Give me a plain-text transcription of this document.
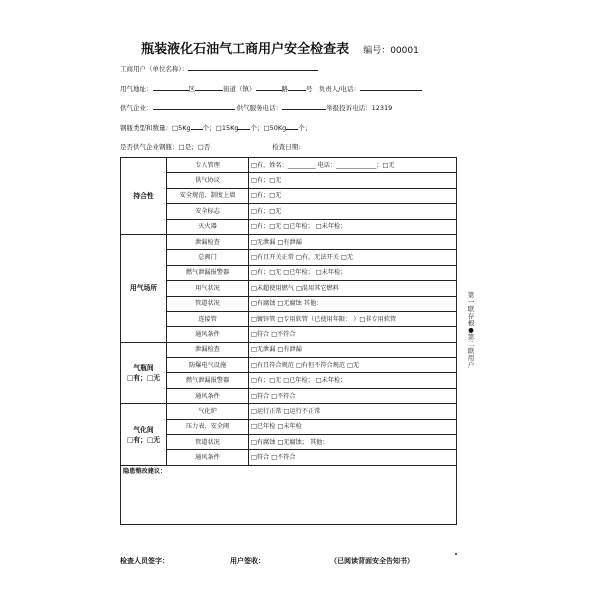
瓶装液化石油气工商用户安全检查表 编号：00001
工商用户（单位名称）：
用气地址：	区	街道（镇）	路	号 负责人/电话：
供气企业：	供气服务电话：	举报投诉电话：12319
钢瓶类型和数量：□5Kg 个；□15Kg 个；□50Kg 个；
是否供气企业钢瓶：□是；□否	检查日期：
持合性	专人管理	□有，姓名：_________ 电话：_____________；□无
	供气协议	□有；□无
	安全规范、制度上墙	□有；□无
	安全标志	□有；□无
	灭火器	□有；□无 □已年检； □未年检；
用气场所	泄漏检查	□无泄漏 □有泄漏
	总阀门	□有且开关正常 □有，无法开关 □无
	燃气泄漏报警器	□有；□无 □已年检； □未年检；
	用气状况	□未超使用燃气 □混用其它燃料
	管道状况	□有腐蚀 □无腐蚀 其他：
	连接管	□镀锌管 □专用软管（已使用年限： ）□非专用软管
	通风条件	□符合 □不符合
气瓶间
□有；□无	泄漏检查	□无泄漏 □有泄漏
	防爆电气设施	□有且符合规范 □有但不符合规范 □无
	燃气泄漏报警器	□有；□无 □已年检； □未年检；
	通风条件	□符合 □不符合
气化间
□有；□无	气化炉	□运行正常 □运行不正常
	压力表、安全阀	□已年检 □未年检
	管道状况	□有腐蚀 □无腐蚀； 其他：
	通风条件	□符合 □不符合
隐患整改建议：		
第一联存根●第二联用户
检查人员签字：	用户签收：	（已阅读背面安全告知书）
